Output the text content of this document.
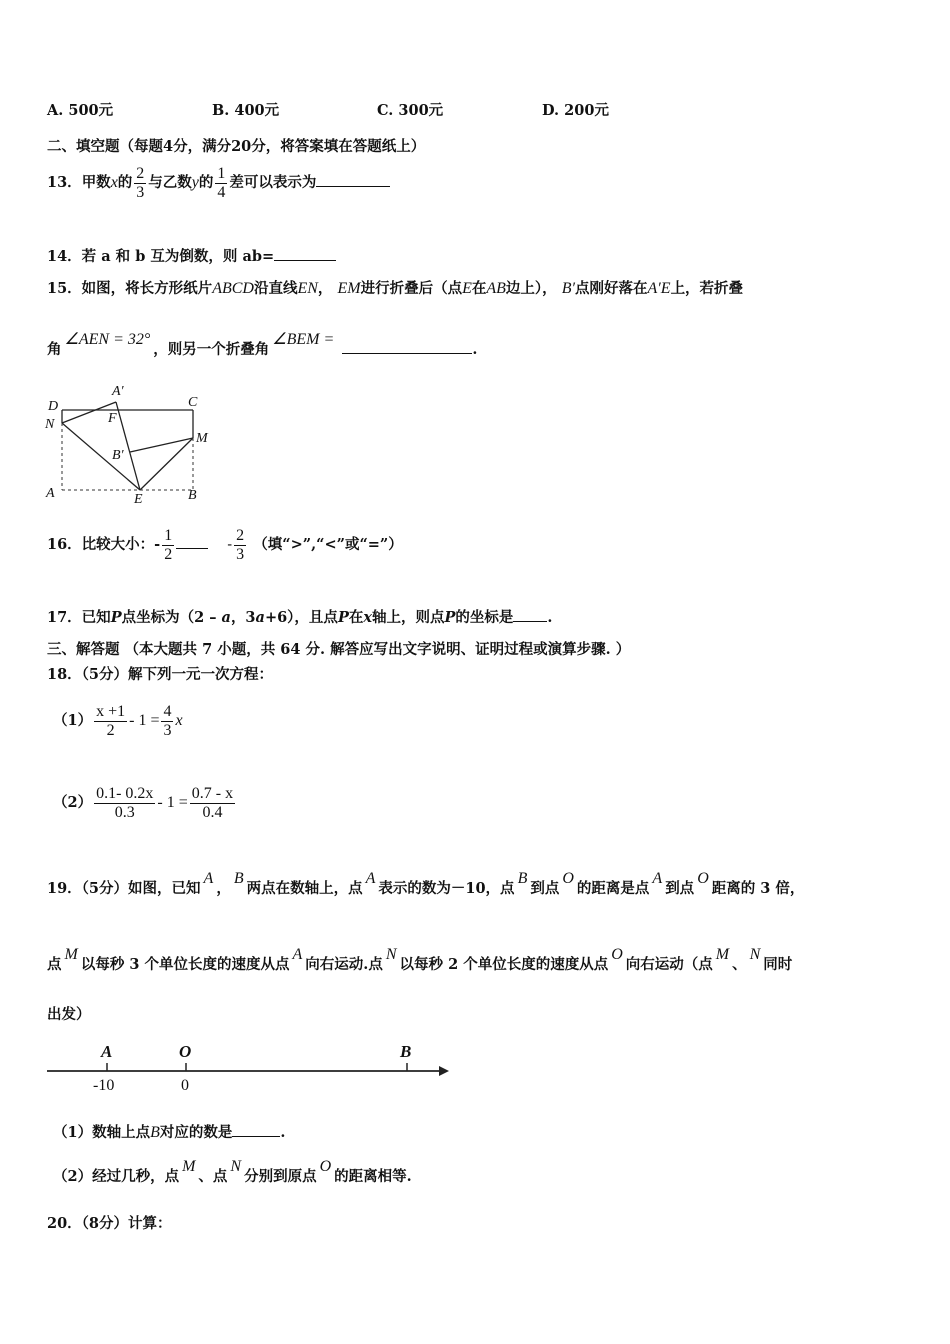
A. 500元	B. 400元	C. 300元	D. 200元
二、填空题（每题4分，满分20分，将答案填在答题纸上）
13．甲数x的 $\frac{2}{3}$ 与乙数y的 $\frac{1}{4}$ 差可以表示为
14．若 a 和 b 互为倒数，则 ab=
15．如图，将长方形纸片ABCD沿直线EN， EM进行折叠后（点E在AB边上）， B′点刚好落在A′E上，若折叠
角∠AEN = 32°，则另一个折叠角∠BEM = .
D
A′
C
N	F
M
B′
A	E	B
16．比较大小：- $\frac{1}{2}$	- $\frac{2}{3}$ （填“>”,“<”或“=”）
17．已知P点坐标为（2 – a，3a+6），且点P在x轴上，则点P的坐标是 .
三、解答题 （本大题共 7 小题，共 64 分. 解答应写出文字说明、证明过程或演算步骤. ）
18．（5分）解下列一元一次方程：
$(1) \frac{x +1}{2} - 1 = \frac{4}{3}$ x
$(2) \frac{0.1- 0.2x}{0.3} - 1 = \frac{0.7 - x}{0.4}$
19．（5分）如图，已知A，B两点在数轴上，点A表示的数为－10，点B到点O的距离是点A到点O距离的 3 倍，
点M以每秒 3 个单位长度的速度从点A向右运动.点N以每秒 2 个单位长度的速度从点O向右运动（点M、N同时
出发）
A	O	B
-10	0
（1）数轴上点B对应的数是	.
（2）经过几秒，点M、点N分别到原点O的距离相等.
20．（8分）计算：
